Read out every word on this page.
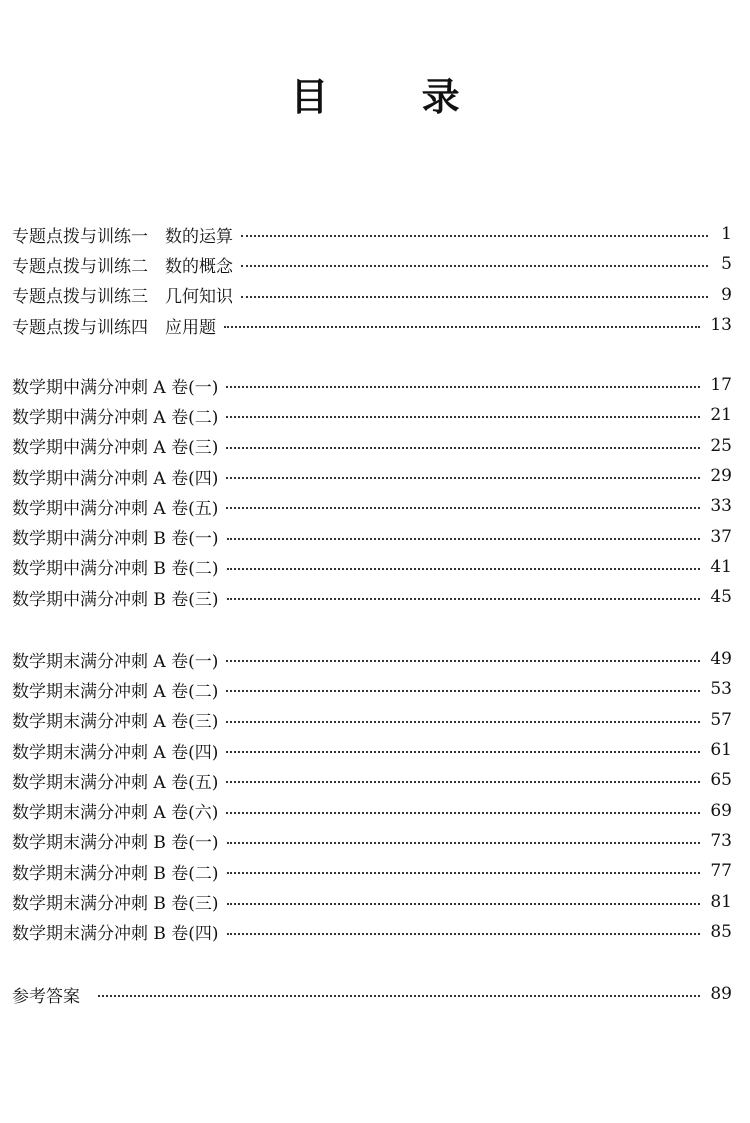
目 录
专题点拨与训练一　数的运算	1
专题点拨与训练二　数的概念	5
专题点拨与训练三　几何知识	9
专题点拨与训练四　应用题	13
数学期中满分冲刺 A 卷(一)	17
数学期中满分冲刺 A 卷(二)	21
数学期中满分冲刺 A 卷(三)	25
数学期中满分冲刺 A 卷(四)	29
数学期中满分冲刺 A 卷(五)	33
数学期中满分冲刺 B 卷(一)	37
数学期中满分冲刺 B 卷(二)	41
数学期中满分冲刺 B 卷(三)	45
数学期末满分冲刺 A 卷(一)	49
数学期末满分冲刺 A 卷(二)	53
数学期末满分冲刺 A 卷(三)	57
数学期末满分冲刺 A 卷(四)	61
数学期末满分冲刺 A 卷(五)	65
数学期末满分冲刺 A 卷(六)	69
数学期末满分冲刺 B 卷(一)	73
数学期末满分冲刺 B 卷(二)	77
数学期末满分冲刺 B 卷(三)	81
数学期末满分冲刺 B 卷(四)	85
参考答案	89
